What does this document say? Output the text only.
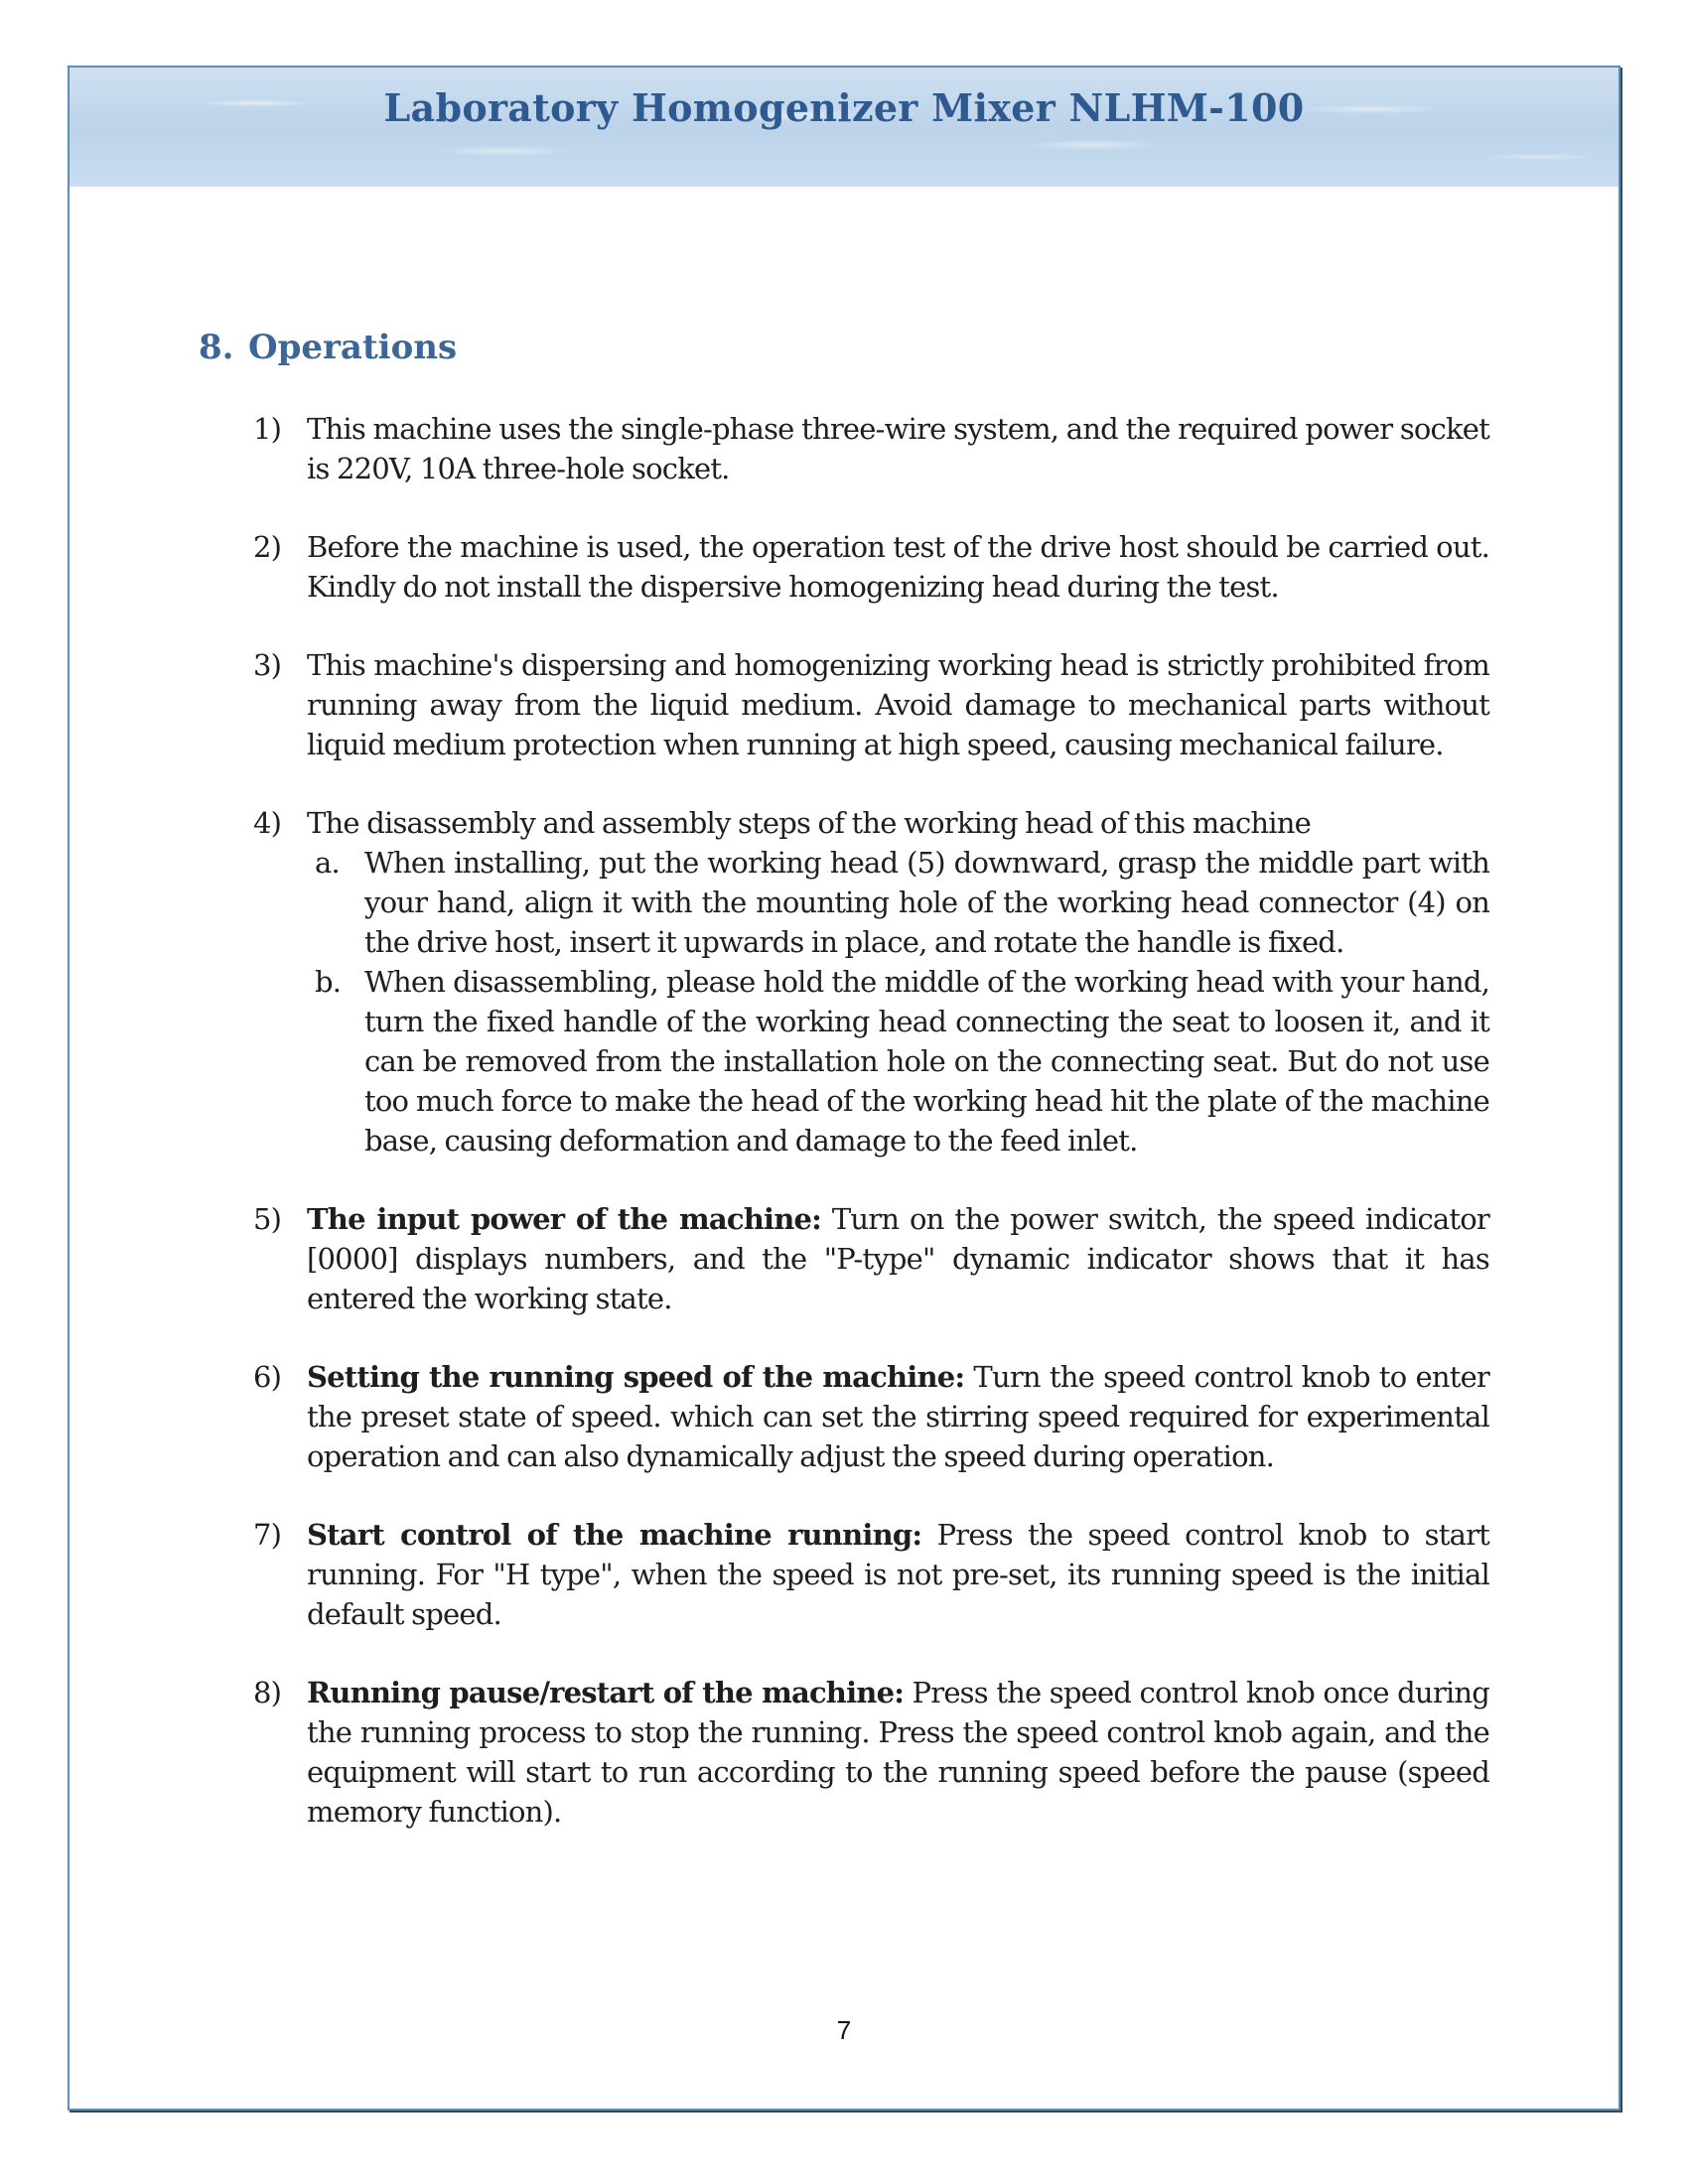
Laboratory Homogenizer Mixer NLHM-100
8. Operations
1) This machine uses the single-phase three-wire system, and the required power socket is 220V, 10A three-hole socket.
2) Before the machine is used, the operation test of the drive host should be carried out. Kindly do not install the dispersive homogenizing head during the test.
3) This machine's dispersing and homogenizing working head is strictly prohibited from running away from the liquid medium. Avoid damage to mechanical parts without liquid medium protection when running at high speed, causing mechanical failure.
4) The disassembly and assembly steps of the working head of this machine
a. When installing, put the working head (5) downward, grasp the middle part with your hand, align it with the mounting hole of the working head connector (4) on the drive host, insert it upwards in place, and rotate the handle is fixed.
b. When disassembling, please hold the middle of the working head with your hand, turn the fixed handle of the working head connecting the seat to loosen it, and it can be removed from the installation hole on the connecting seat. But do not use too much force to make the head of the working head hit the plate of the machine base, causing deformation and damage to the feed inlet.
5) The input power of the machine: Turn on the power switch, the speed indicator [0000] displays numbers, and the "P-type" dynamic indicator shows that it has entered the working state.
6) Setting the running speed of the machine: Turn the speed control knob to enter the preset state of speed. which can set the stirring speed required for experimental operation and can also dynamically adjust the speed during operation.
7) Start control of the machine running: Press the speed control knob to start running. For "H type", when the speed is not pre-set, its running speed is the initial default speed.
8) Running pause/restart of the machine: Press the speed control knob once during the running process to stop the running. Press the speed control knob again, and the equipment will start to run according to the running speed before the pause (speed memory function).
7
